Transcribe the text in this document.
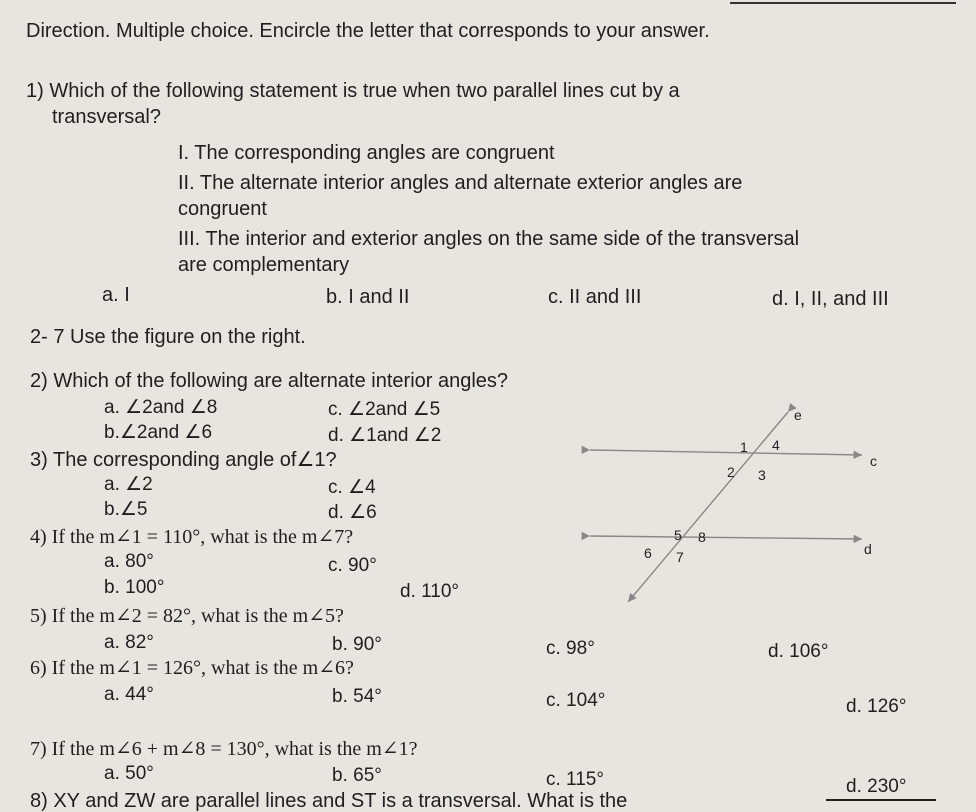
Direction. Multiple choice. Encircle the letter that corresponds to your answer.
1) Which of the following statement is true when two parallel lines cut by a
transversal?
I. The corresponding angles are congruent
II. The alternate interior angles and alternate exterior angles are
congruent
III. The interior and exterior angles on the same side of the transversal
are complementary
a. I	b. I and II	c. II and III	d. I, II, and III
2- 7 Use the figure on the right.
2) Which of the following are alternate interior angles?
a. ∠2and ∠8	c. ∠2and ∠5
b.∠2and ∠6	d. ∠1and ∠2
3) The corresponding angle of∠1?
a. ∠2	c. ∠4
b.∠5	d. ∠6
4) If the m∠1 = 110°, what is the m∠7?
a. 80°	c. 90°
b. 100°	d. 110°
5) If the m∠2 = 82°, what is the m∠5?
a. 82°	b. 90°	c. 98°	d. 106°
6) If the m∠1 = 126°, what is the m∠6?
a. 44°	b. 54°	c. 104°	d. 126°
7) If the m∠6 + m∠8 = 130°, what is the m∠1?
a. 50°	b. 65°	c. 115°	d. 230°
8) XY and ZW are parallel lines and ST is a transversal. What is the
e
c
d
1 4
2 3
5 8
6 7
